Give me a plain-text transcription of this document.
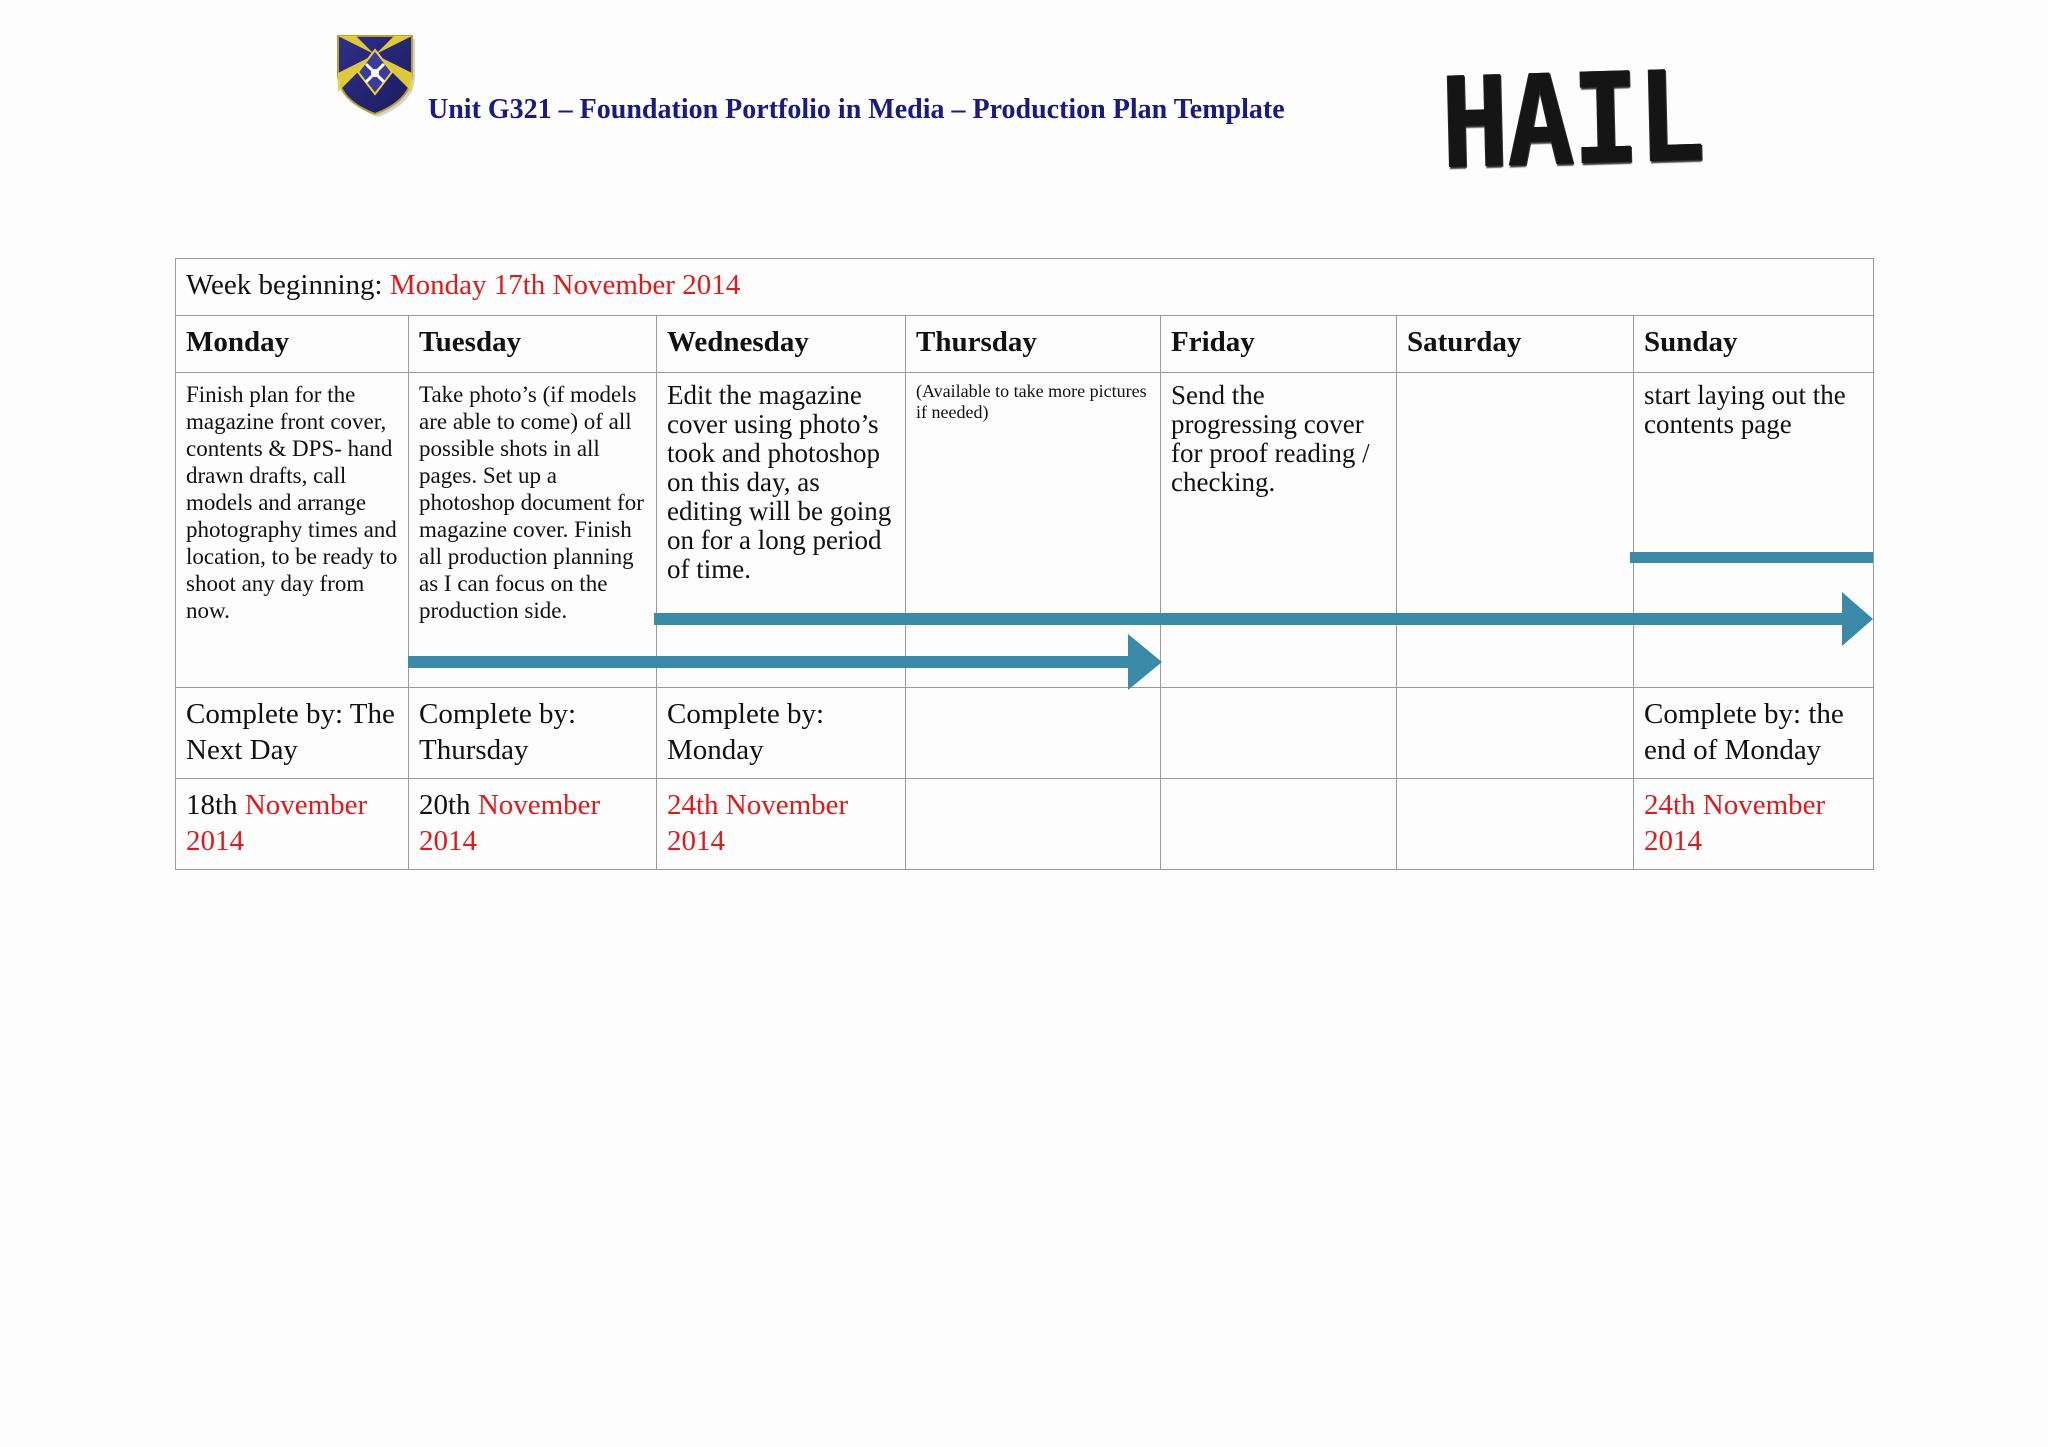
Unit G321 – Foundation Portfolio in Media – Production Plan Template HAIL
Week beginning: Monday 17th November 2014						
Monday	Tuesday	Wednesday	Thursday	Friday	Saturday	Sunday
Finish plan for the magazine front cover, contents & DPS- hand drawn drafts, call models and arrange photography times and location, to be ready to shoot any day from now.	Take photo’s (if models are able to come) of all possible shots in all pages. Set up a photoshop document for magazine cover. Finish all production planning as I can focus on the production side.	Edit the magazine cover using photo’s took and photoshop on this day, as editing will be going on for a long period of time.	(Available to take more pictures if needed)	Send the progressing cover for proof reading / checking.		start laying out the contents page
Complete by: The Next Day	Complete by: Thursday	Complete by: Monday				Complete by: the end of Monday
18th November 2014	20th November 2014	24th November 2014				24th November 2014
